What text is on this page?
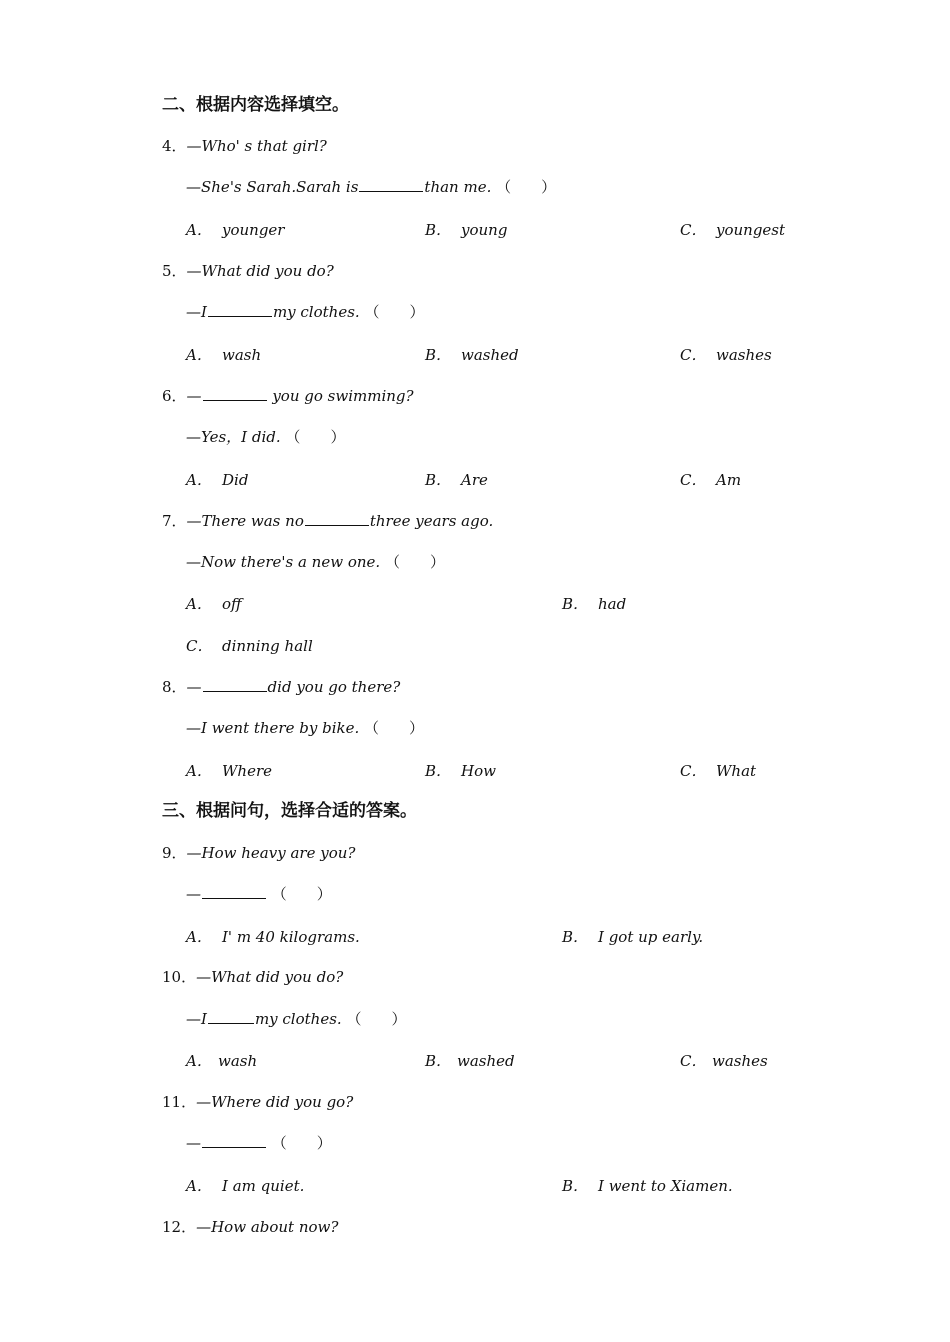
二、根据内容选择填空。
4．—Who' s that girl?
—She's Sarah.Sarah is	than me. （ ）
A． younger	B． young	C． youngest
5．—What did you do?
—I	my clothes. （ ）
A． wash	B． washed	C． washes
6．—	you go swimming?
—Yes，I did. （ ）
A． Did	B． Are	C． Am
7．—There was no	three years ago.
—Now there's a new one. （ ）
A． off	B． had
C． dinning hall
8．—	did you go there?
—I went there by bike. （ ）
A． Where	B． How	C． What
三、根据问句，选择合适的答案。
9．—How heavy are you?
—	（ ）
A． I' m 40 kilograms.	B． I got up early.
10．—What did you do?
—I	my clothes. （ ）
A． wash	B． washed	C． washes
11．—Where did you go?
—	（ ）
A． I am quiet.	B． I went to Xiamen.
12．—How about now?
